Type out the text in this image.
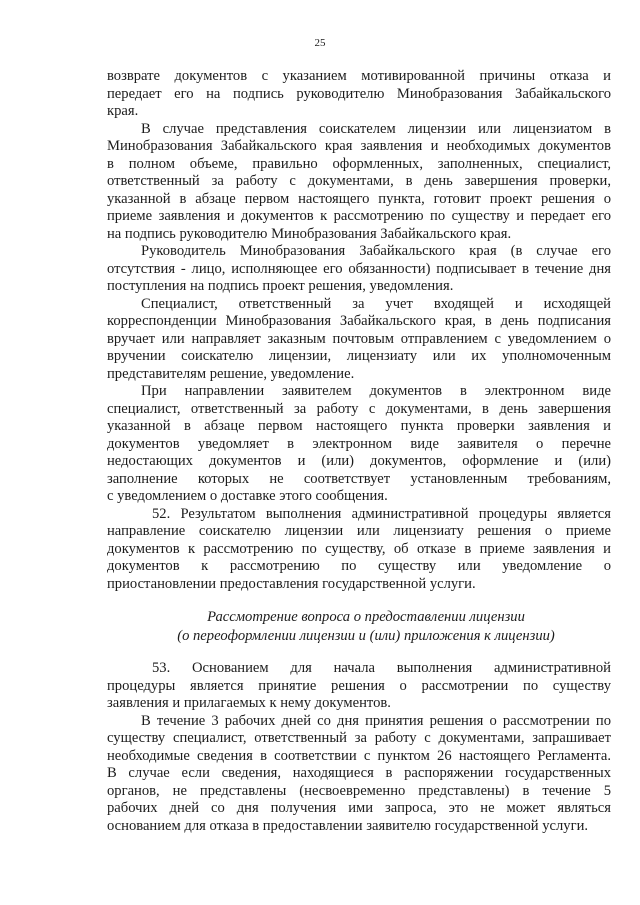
25
возврате документов с указанием мотивированной причины отказа и
передает его на подпись руководителю Минобразования Забайкальского
края.
В случае представления соискателем лицензии или лицензиатом в
Минобразования Забайкальского края заявления и необходимых документов
в полном объеме, правильно оформленных, заполненных, специалист,
ответственный за работу с документами, в день завершения проверки,
указанной в абзаце первом настоящего пункта, готовит проект решения о
приеме заявления и документов к рассмотрению по существу и передает его
на подпись руководителю Минобразования Забайкальского края.
Руководитель Минобразования Забайкальского края (в случае его
отсутствия - лицо, исполняющее его обязанности) подписывает в течение дня
поступления на подпись проект решения, уведомления.
Специалист, ответственный за учет входящей и исходящей
корреспонденции Минобразования Забайкальского края, в день подписания
вручает или направляет заказным почтовым отправлением с уведомлением о
вручении соискателю лицензии, лицензиату или их уполномоченным
представителям решение, уведомление.
При направлении заявителем документов в электронном виде
специалист, ответственный за работу с документами, в день завершения
указанной в абзаце первом настоящего пункта проверки заявления и
документов уведомляет в электронном виде заявителя о перечне
недостающих документов и (или) документов, оформление и (или)
заполнение которых не соответствует установленным требованиям,
с уведомлением о доставке этого сообщения.
52. Результатом выполнения административной процедуры является
направление соискателю лицензии или лицензиату решения о приеме
документов к рассмотрению по существу, об отказе в приеме заявления и
документов к рассмотрению по существу или уведомление о
приостановлении предоставления государственной услуги.
Рассмотрение вопроса о предоставлении лицензии
(о переоформлении лицензии и (или) приложения к лицензии)
53. Основанием для начала выполнения административной
процедуры является принятие решения о рассмотрении по существу
заявления и прилагаемых к нему документов.
В течение 3 рабочих дней со дня принятия решения о рассмотрении по
существу специалист, ответственный за работу с документами, запрашивает
необходимые сведения в соответствии с пунктом 26 настоящего Регламента.
В случае если сведения, находящиеся в распоряжении государственных
органов, не представлены (несвоевременно представлены) в течение 5
рабочих дней со дня получения ими запроса, это не может являться
основанием для отказа в предоставлении заявителю государственной услуги.
